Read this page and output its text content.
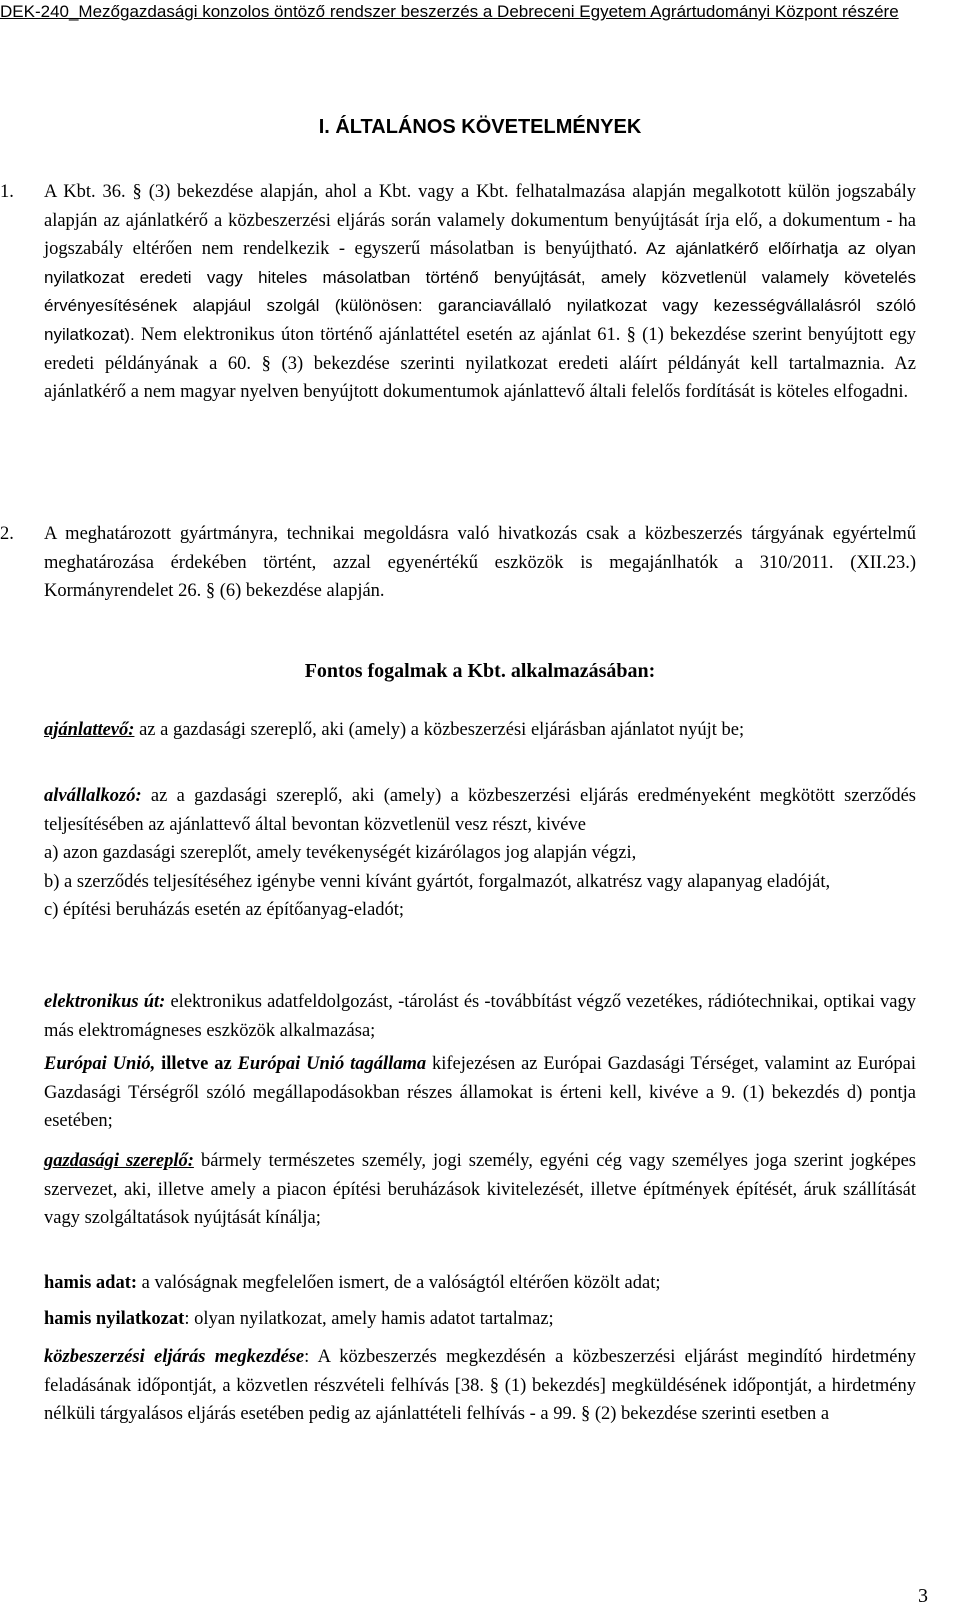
DEK-240_Mezőgazdasági konzolos öntöző rendszer beszerzés a Debreceni Egyetem Agrártudományi Központ részére
I. ÁLTALÁNOS KÖVETELMÉNYEK
1.	A Kbt. 36. § (3) bekezdése alapján, ahol a Kbt. vagy a Kbt. felhatalmazása alapján megalkotott külön jogszabály alapján az ajánlatkérő a közbeszerzési eljárás során valamely dokumentum benyújtását írja elő, a dokumentum - ha jogszabály eltérően nem rendelkezik - egyszerű másolatban is benyújtható. Az ajánlatkérő előírhatja az olyan nyilatkozat eredeti vagy hiteles másolatban történő benyújtását, amely közvetlenül valamely követelés érvényesítésének alapjául szolgál (különösen: garanciavállaló nyilatkozat vagy kezességvállalásról szóló nyilatkozat). Nem elektronikus úton történő ajánlattétel esetén az ajánlat 61. § (1) bekezdése szerint benyújtott egy eredeti példányának a 60. § (3) bekezdése szerinti nyilatkozat eredeti aláírt példányát kell tartalmaznia. Az ajánlatkérő a nem magyar nyelven benyújtott dokumentumok ajánlattevő általi felelős fordítását is köteles elfogadni.
2.	A meghatározott gyártmányra, technikai megoldásra való hivatkozás csak a közbeszerzés tárgyának egyértelmű meghatározása érdekében történt, azzal egyenértékű eszközök is megajánlhatók a 310/2011. (XII.23.) Kormányrendelet 26. § (6) bekezdése alapján.
Fontos fogalmak a Kbt. alkalmazásában:

ajánlattevő: az a gazdasági szereplő, aki (amely) a közbeszerzési eljárásban ajánlatot nyújt be;

alvállalkozó: az a gazdasági szereplő, aki (amely) a közbeszerzési eljárás eredményeként megkötött szerződés teljesítésében az ajánlattevő által bevontan közvetlenül vesz részt, kivéve

a) azon gazdasági szereplőt, amely tevékenységét kizárólagos jog alapján végzi,

b) a szerződés teljesítéséhez igénybe venni kívánt gyártót, forgalmazót, alkatrész vagy alapanyag eladóját,

c) építési beruházás esetén az építőanyag-eladót;

elektronikus út: elektronikus adatfeldolgozást, -tárolást és -továbbítást végző vezetékes, rádiótechnikai, optikai vagy más elektromágneses eszközök alkalmazása;

Európai Unió, illetve az Európai Unió tagállama kifejezésen az Európai Gazdasági Térséget, valamint az Európai Gazdasági Térségről szóló megállapodásokban részes államokat is érteni kell, kivéve a 9. (1) bekezdés d) pontja esetében;

gazdasági szereplő: bármely természetes személy, jogi személy, egyéni cég vagy személyes joga szerint jogképes szervezet, aki, illetve amely a piacon építési beruházások kivitelezését, illetve építmények építését, áruk szállítását vagy szolgáltatások nyújtását kínálja;

hamis adat: a valóságnak megfelelően ismert, de a valóságtól eltérően közölt adat;

hamis nyilatkozat: olyan nyilatkozat, amely hamis adatot tartalmaz;

közbeszerzési eljárás megkezdése: A közbeszerzés megkezdésén a közbeszerzési eljárást megindító hirdetmény feladásának időpontját, a közvetlen részvételi felhívás [38. § (1) bekezdés] megküldésének időpontját, a hirdetmény nélküli tárgyalásos eljárás esetében pedig az ajánlattételi felhívás - a 99. § (2) bekezdése szerinti esetben a

3
